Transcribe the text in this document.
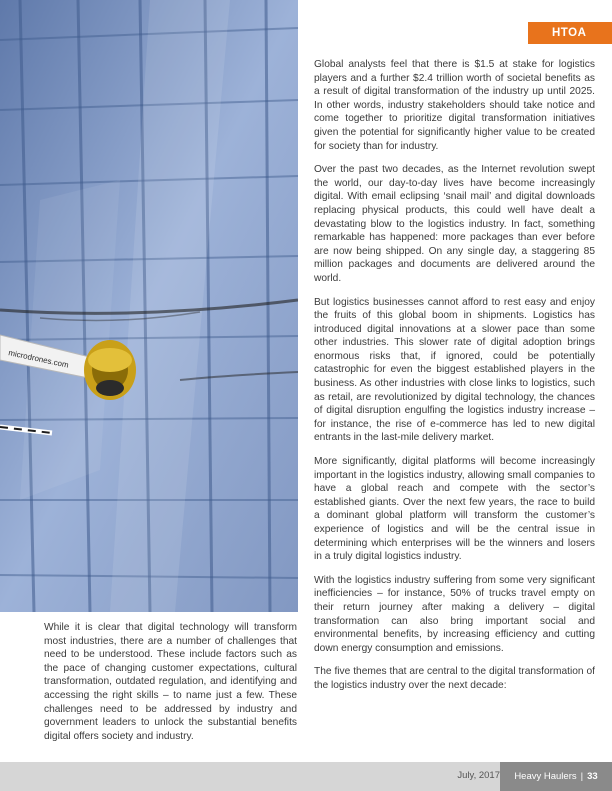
microdrones.com
HTOA

Global analysts feel that there is $1.5 at stake for logistics players and a further $2.4 trillion worth of societal benefits as a result of digital transformation of the industry up until 2025. In other words, industry stakeholders should take notice and come together to prioritize digital transformation initiatives given the potential for significantly higher value to be created for society than for industry.

Over the past two decades, as the Internet revolution swept the world, our day-to-day lives have become increasingly digital. With email eclipsing ‘snail mail’ and digital downloads replacing physical products, this could well have dealt a devastating blow to the logistics industry. In fact, something remarkable has happened: more packages than ever before are now being shipped. On any single day, a staggering 85 million packages and documents are delivered around the world.

But logistics businesses cannot afford to rest easy and enjoy the fruits of this global boom in shipments. Logistics has introduced digital innovations at a slower pace than some other industries. This slower rate of digital adoption brings enormous risks that, if ignored, could be potentially catastrophic for even the biggest established players in the business. As other industries with close links to logistics, such as retail, are revolutionized by digital technology, the chances of digital disruption engulfing the logistics industry increase – for instance, the rise of e-commerce has led to new digital entrants in the last-mile delivery market.

More significantly, digital platforms will become increasingly important in the logistics industry, allowing small companies to have a global reach and compete with the sector’s established giants. Over the next few years, the race to build a dominant global platform will transform the customer’s experience of logistics and will be the central issue in determining which enterprises will be the winners and losers in a truly digital logistics industry.

With the logistics industry suffering from some very significant inefficiencies – for instance, 50% of trucks travel empty on their return journey after making a delivery – digital transformation can also bring important social and environmental benefits, by increasing efficiency and cutting down energy consumption and emissions.

The five themes that are central to the digital transformation of the logistics industry over the next decade:

While it is clear that digital technology will transform most industries, there are a number of challenges that need to be understood. These include factors such as the pace of changing customer expectations, cultural transformation, outdated regulation, and identifying and accessing the right skills – to name just a few. These challenges need to be addressed by industry and government leaders to unlock the substantial benefits digital offers society and industry.

July, 2017 Heavy Haulers | 33
